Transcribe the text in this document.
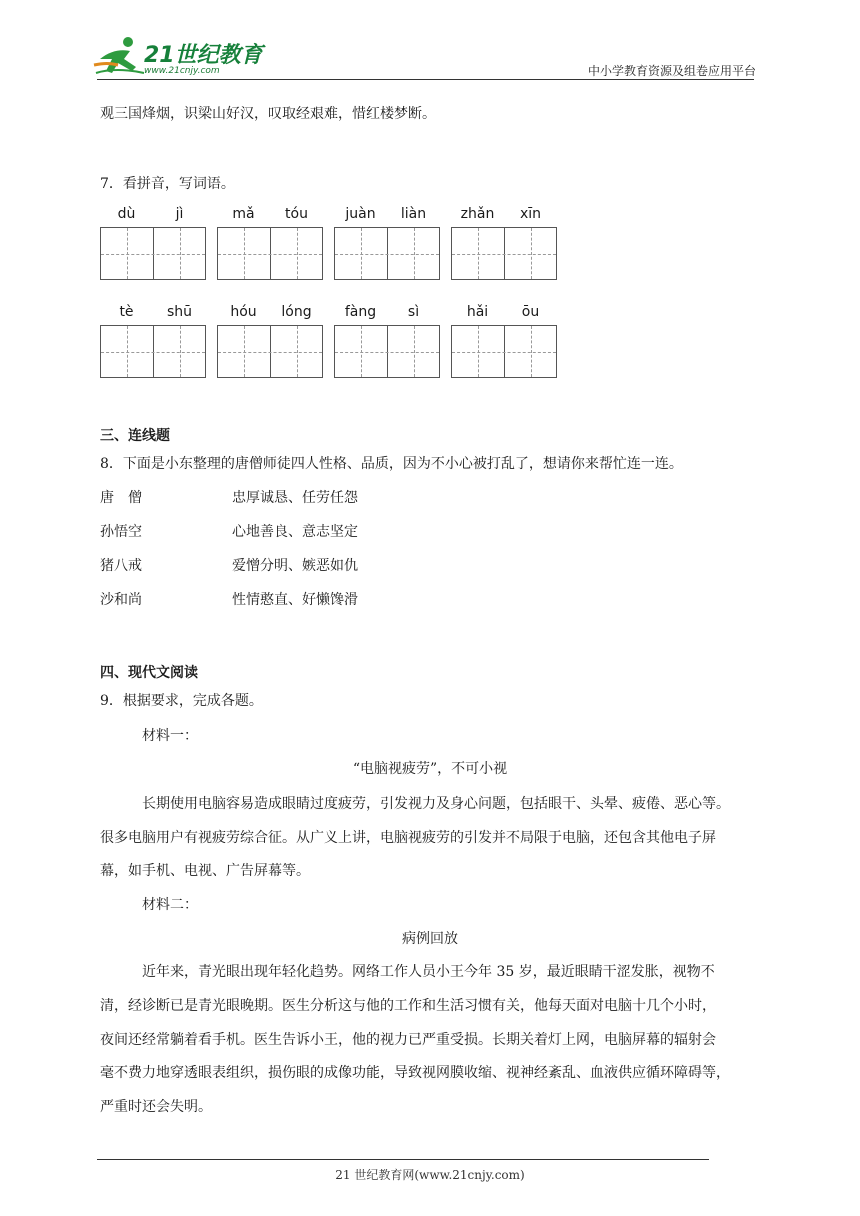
21世纪教育
www.21cnjy.com	中小学教育资源及组卷应用平台
观三国烽烟，识梁山好汉，叹取经艰难，惜红楼梦断。
7．看拼音，写词语。
dù	jì	mǎ	tóu	juàn	liàn	zhǎn	xīn
tè	shū	hóu	lóng	fàng	sì	hǎi	ōu
三、连线题
8．下面是小东整理的唐僧师徒四人性格、品质，因为不小心被打乱了，想请你来帮忙连一连。
唐　僧
孙悟空
猪八戒
沙和尚
忠厚诚恳、任劳任怨
心地善良、意志坚定
爱憎分明、嫉恶如仇
性情憨直、好懒馋滑
四、现代文阅读
9．根据要求，完成各题。
材料一：
“电脑视疲劳”，不可小视
长期使用电脑容易造成眼睛过度疲劳，引发视力及身心问题，包括眼干、头晕、疲倦、恶心等。
很多电脑用户有视疲劳综合征。从广义上讲，电脑视疲劳的引发并不局限于电脑，还包含其他电子屏
幕，如手机、电视、广告屏幕等。
材料二：
病例回放
近年来，青光眼出现年轻化趋势。网络工作人员小王今年 35 岁，最近眼睛干涩发胀，视物不
清，经诊断已是青光眼晚期。医生分析这与他的工作和生活习惯有关，他每天面对电脑十几个小时，
夜间还经常躺着看手机。医生告诉小王，他的视力已严重受损。长期关着灯上网，电脑屏幕的辐射会
毫不费力地穿透眼表组织，损伤眼的成像功能，导致视网膜收缩、视神经紊乱、血液供应循环障碍等，
严重时还会失明。
21 世纪教育网(www.21cnjy.com)
